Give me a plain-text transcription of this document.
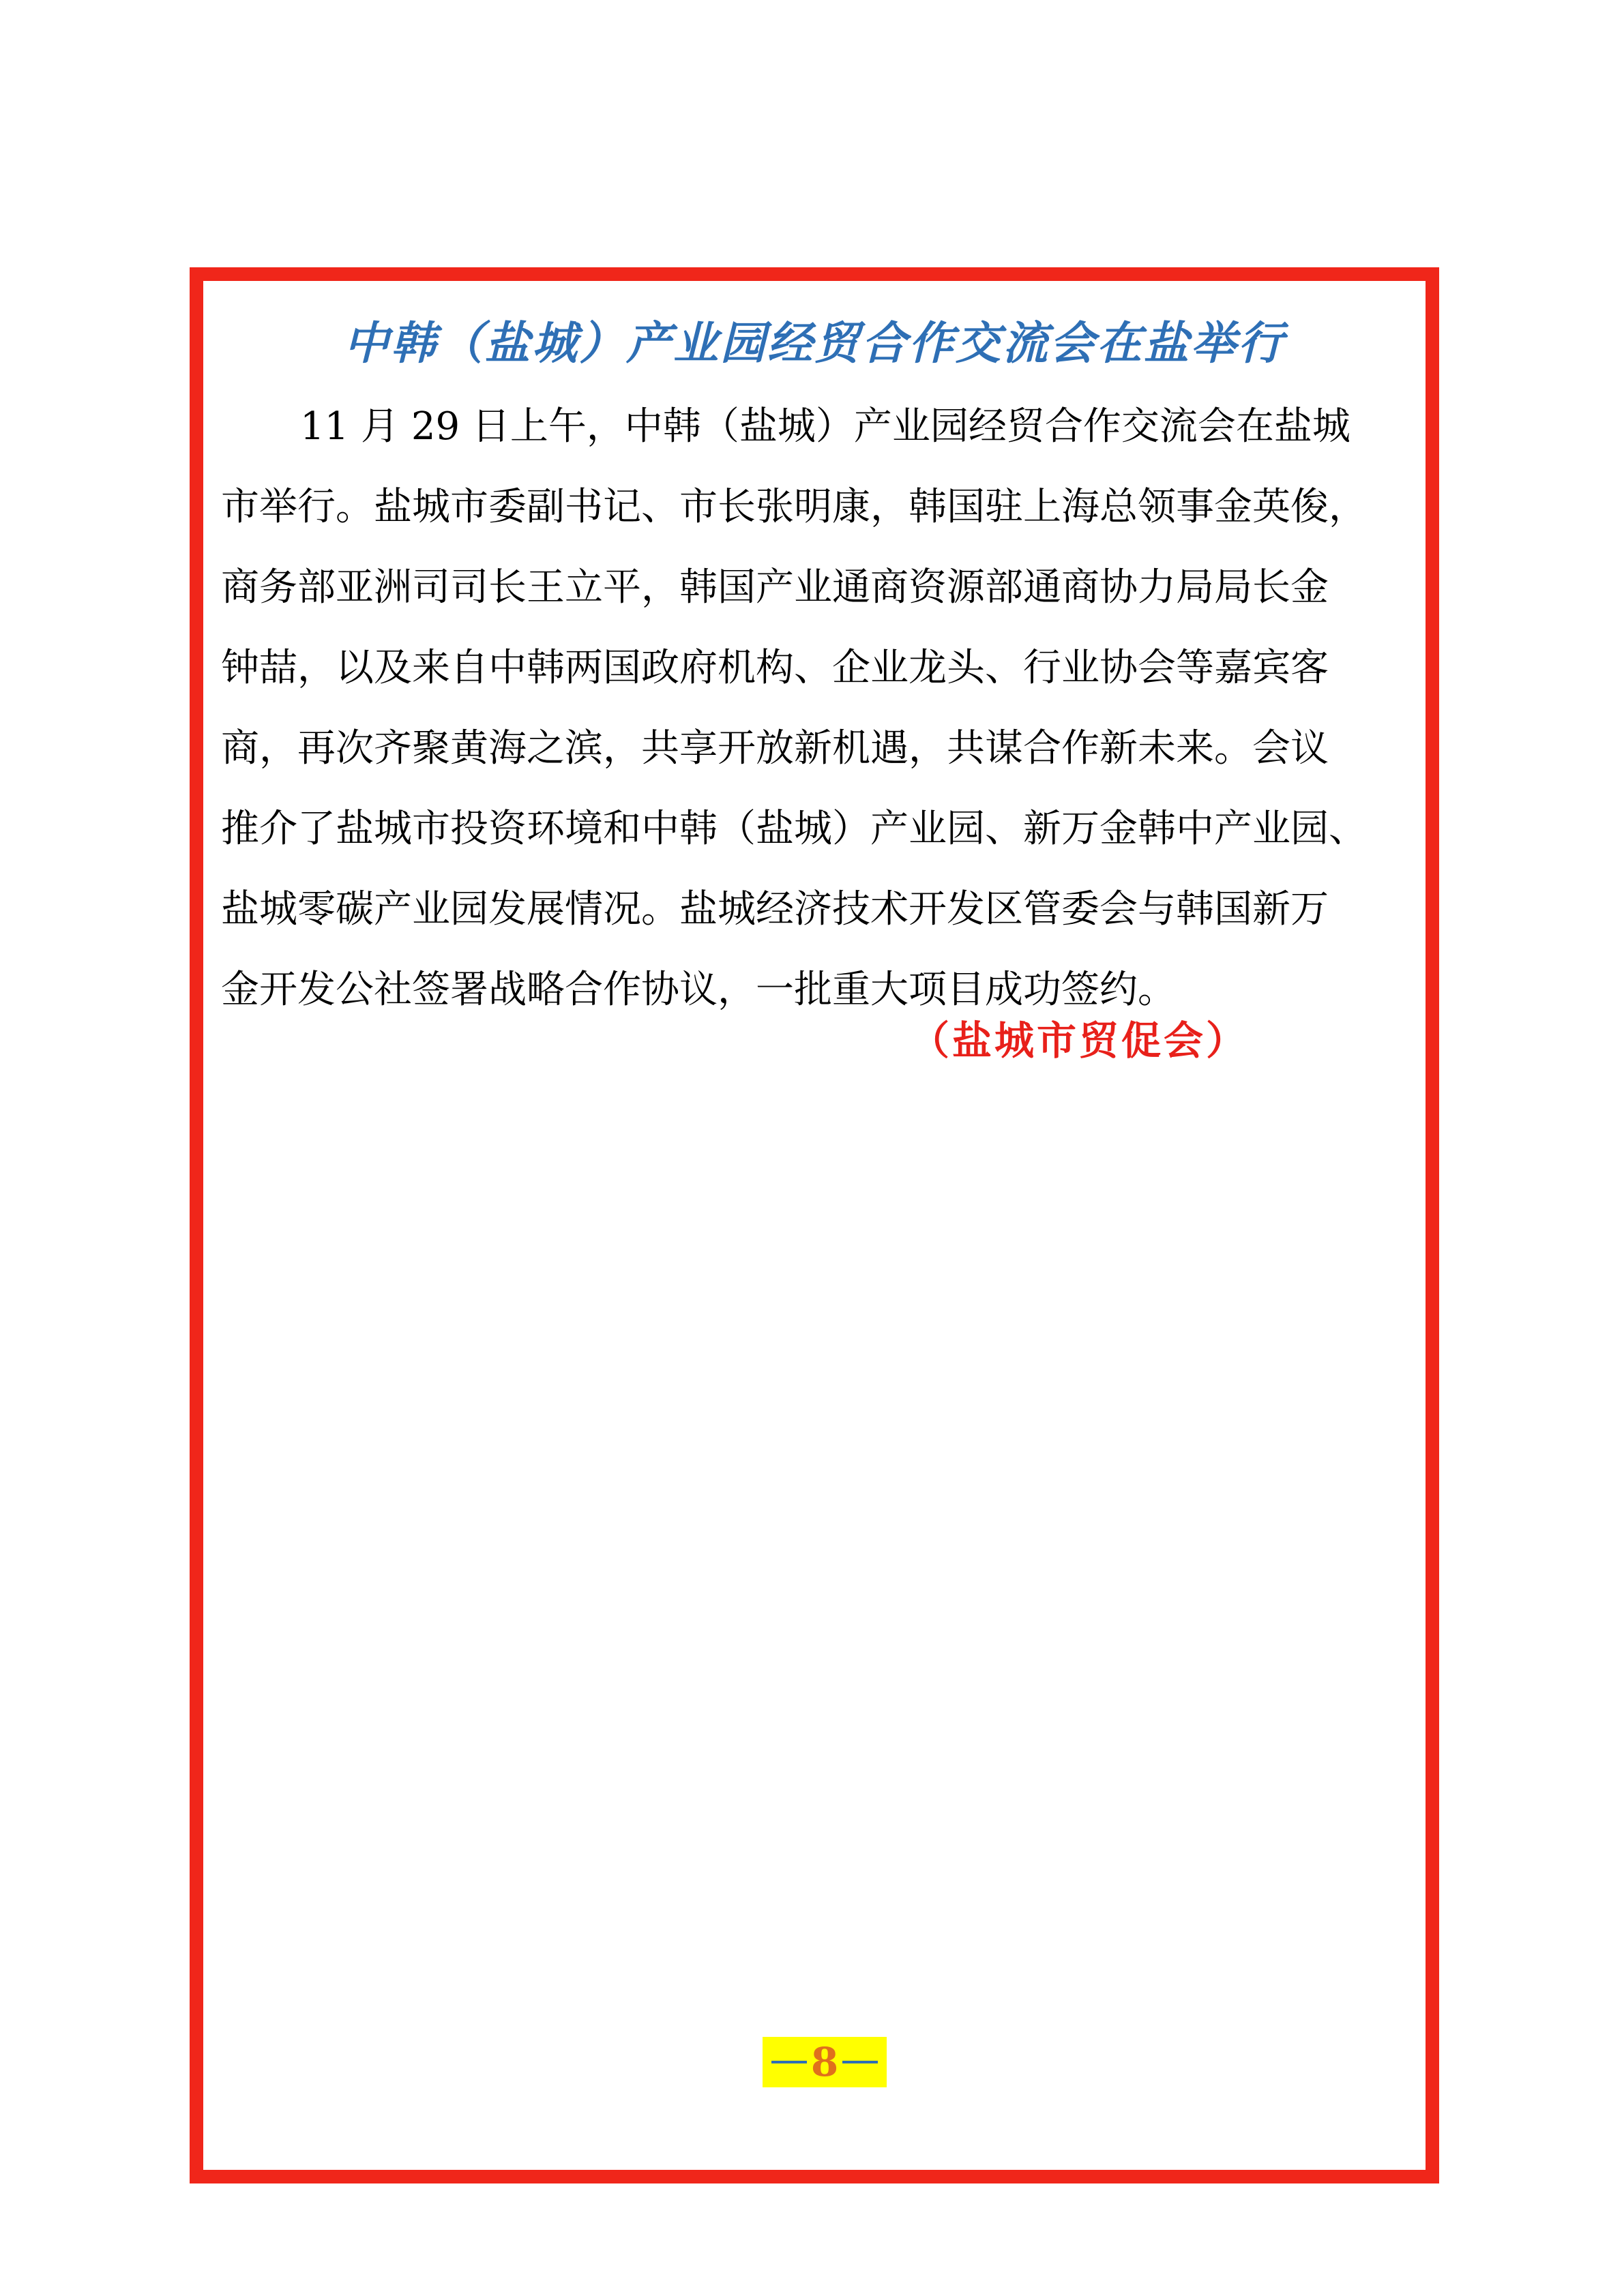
中韩（盐城）产业园经贸合作交流会在盐举行

11 月 29 日上午，中韩（盐城）产业园经贸合作交流会在盐城
市举行。盐城市委副书记、市长张明康，韩国驻上海总领事金英俊，
商务部亚洲司司长王立平，韩国产业通商资源部通商协力局局长金
钟喆，以及来自中韩两国政府机构、企业龙头、行业协会等嘉宾客
商，再次齐聚黄海之滨，共享开放新机遇，共谋合作新未来。会议
推介了盐城市投资环境和中韩（盐城）产业园、新万金韩中产业园、
盐城零碳产业园发展情况。盐城经济技术开发区管委会与韩国新万
金开发公社签署战略合作协议，一批重大项目成功签约。

（盐城市贸促会）
8
